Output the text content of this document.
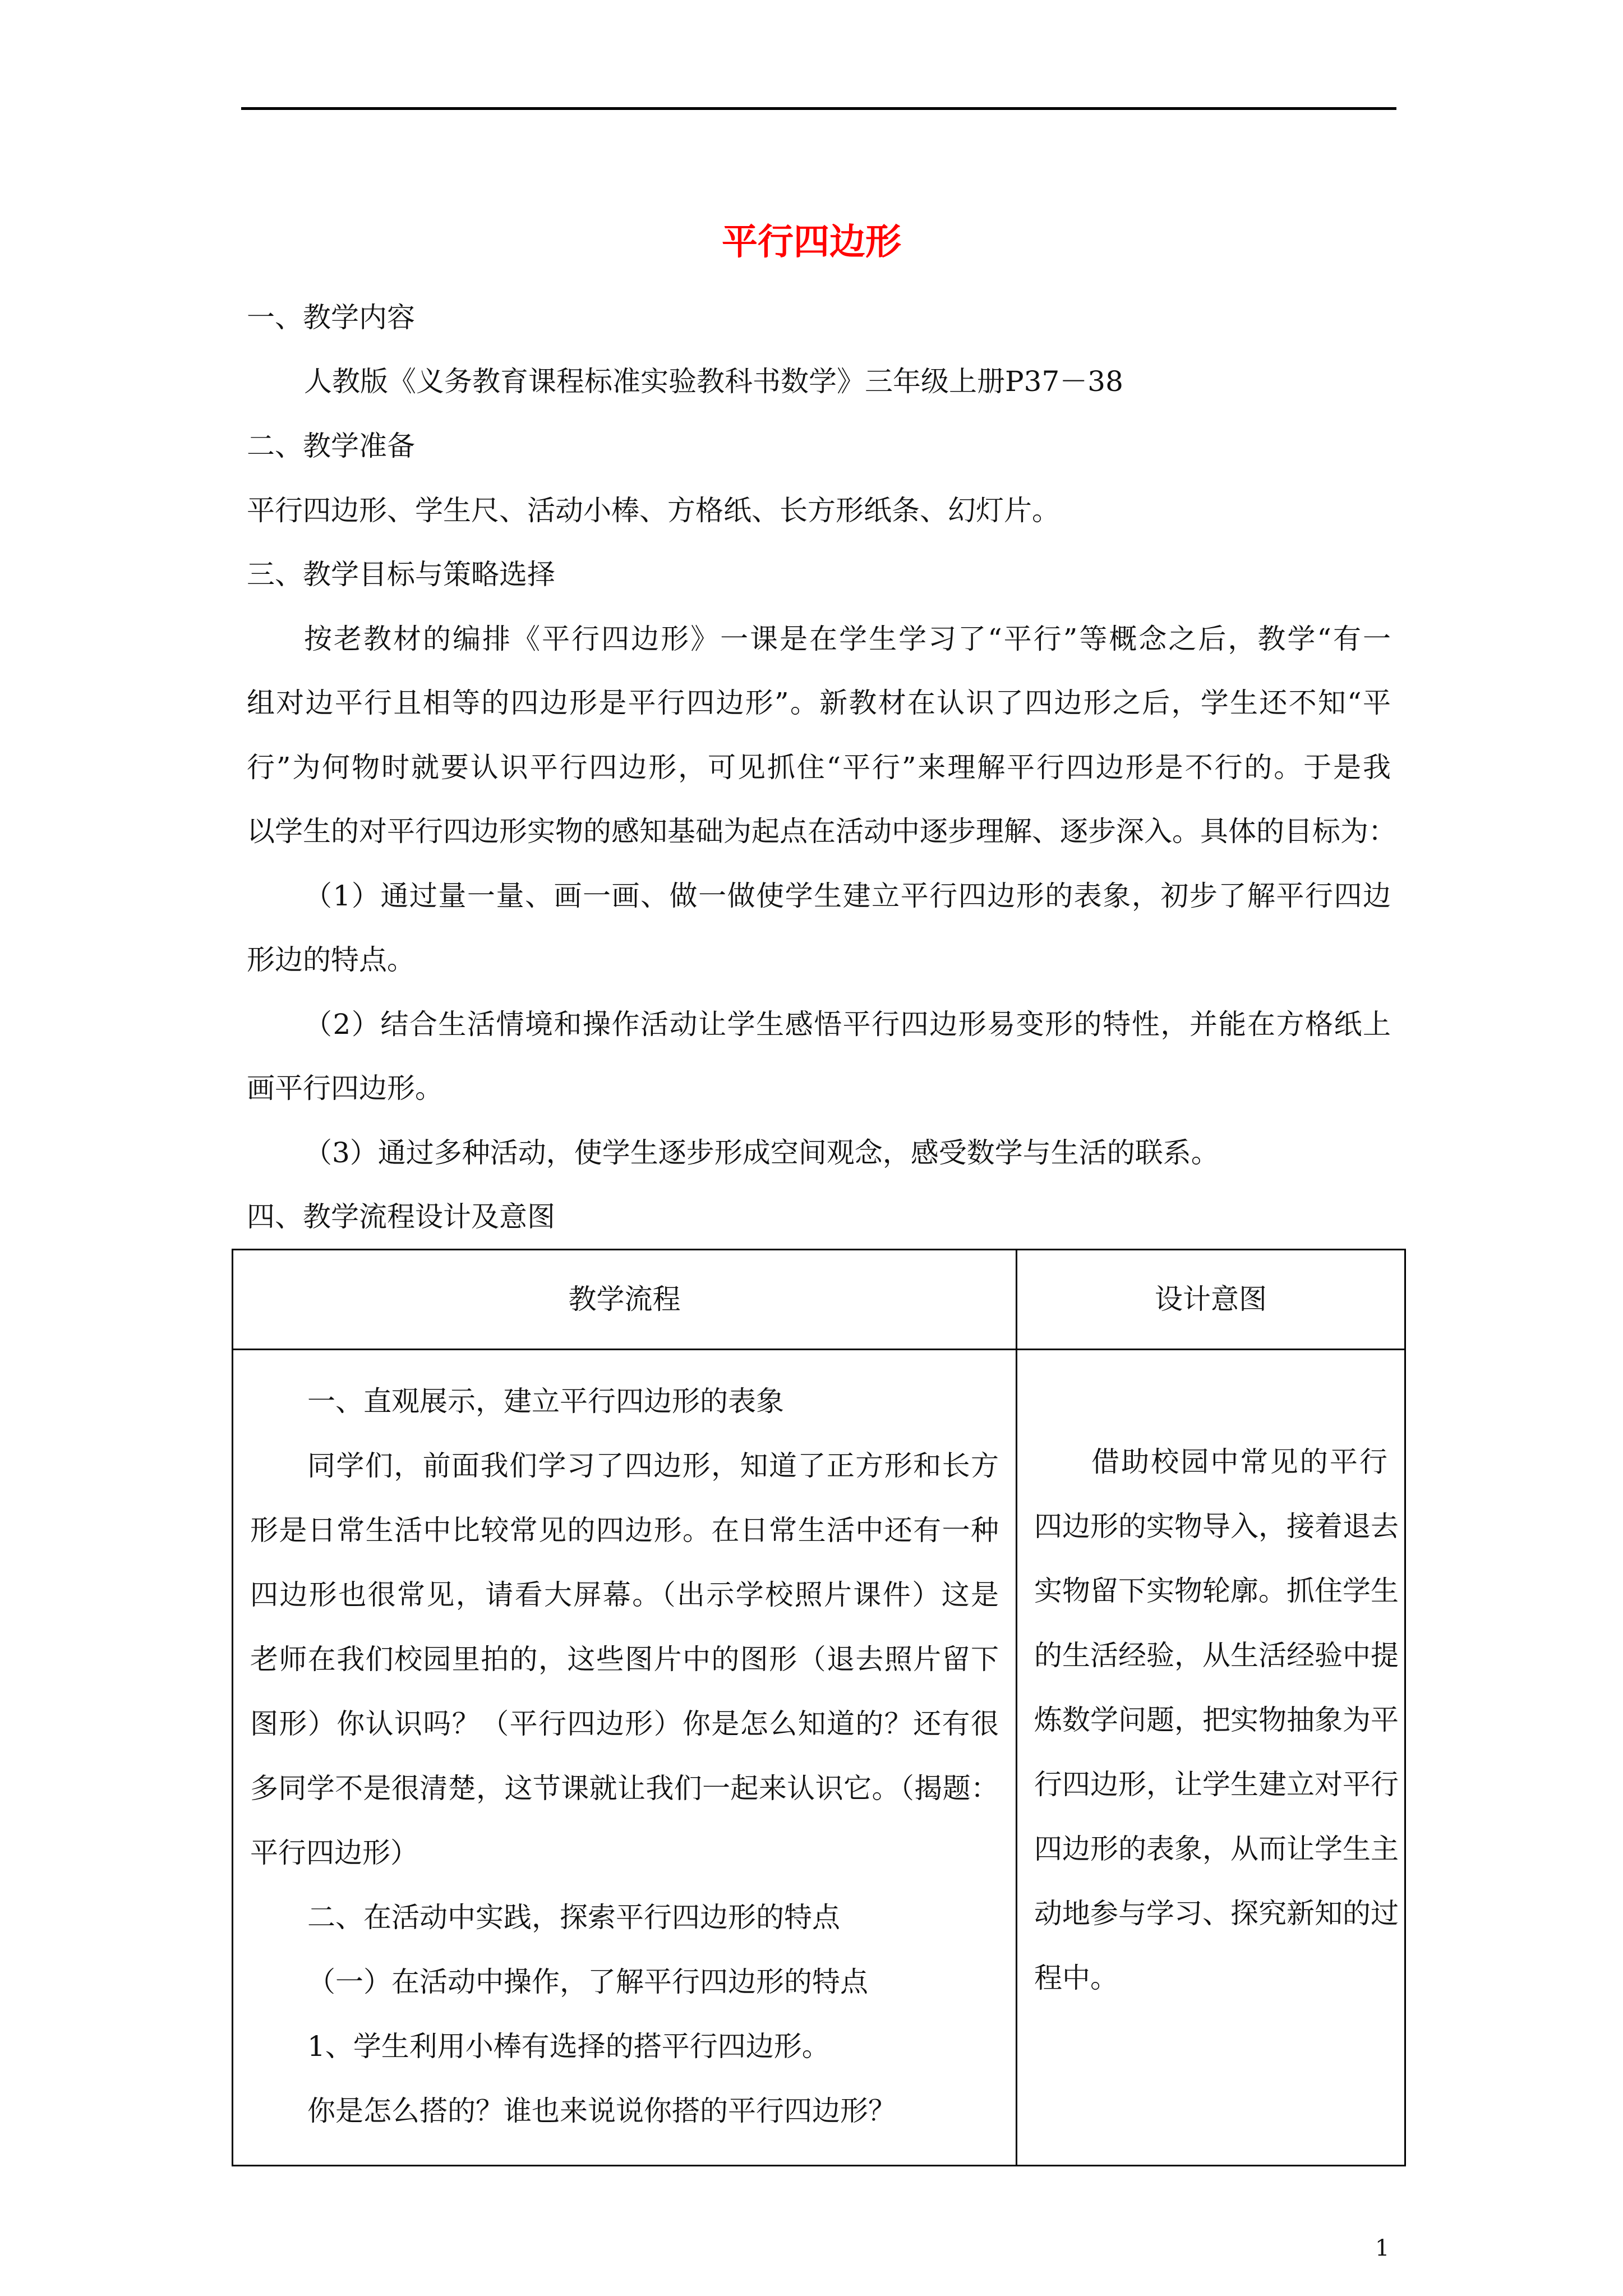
平行四边形
一、教学内容
人教版《义务教育课程标准实验教科书数学》三年级上册P37－38
二、教学准备
平行四边形、学生尺、活动小棒、方格纸、长方形纸条、幻灯片。
三、教学目标与策略选择
按老教材的编排《平行四边形》一课是在学生学习了“平行”等概念之后，教学“有一
组对边平行且相等的四边形是平行四边形”。新教材在认识了四边形之后，学生还不知“平
行”为何物时就要认识平行四边形，可见抓住“平行”来理解平行四边形是不行的。于是我
以学生的对平行四边形实物的感知基础为起点在活动中逐步理解、逐步深入。具体的目标为：
（1）通过量一量、画一画、做一做使学生建立平行四边形的表象，初步了解平行四边
形边的特点。
（2）结合生活情境和操作活动让学生感悟平行四边形易变形的特性，并能在方格纸上
画平行四边形。
（3）通过多种活动，使学生逐步形成空间观念，感受数学与生活的联系。
四、教学流程设计及意图
教学流程	设计意图
一、直观展示，建立平行四边形的表象
同学们，前面我们学习了四边形，知道了正方形和长方
形是日常生活中比较常见的四边形。在日常生活中还有一种
四边形也很常见，请看大屏幕。（出示学校照片课件）这是
老师在我们校园里拍的，这些图片中的图形（退去照片留下
图形）你认识吗？（平行四边形）你是怎么知道的？还有很
多同学不是很清楚，这节课就让我们一起来认识它。（揭题：
平行四边形）
二、在活动中实践，探索平行四边形的特点
（一）在活动中操作，了解平行四边形的特点
1、学生利用小棒有选择的搭平行四边形。
你是怎么搭的？谁也来说说你搭的平行四边形？
借助校园中常见的平行
四边形的实物导入，接着退去
实物留下实物轮廓。抓住学生
的生活经验，从生活经验中提
炼数学问题，把实物抽象为平
行四边形，让学生建立对平行
四边形的表象，从而让学生主
动地参与学习、探究新知的过
程中。
1
